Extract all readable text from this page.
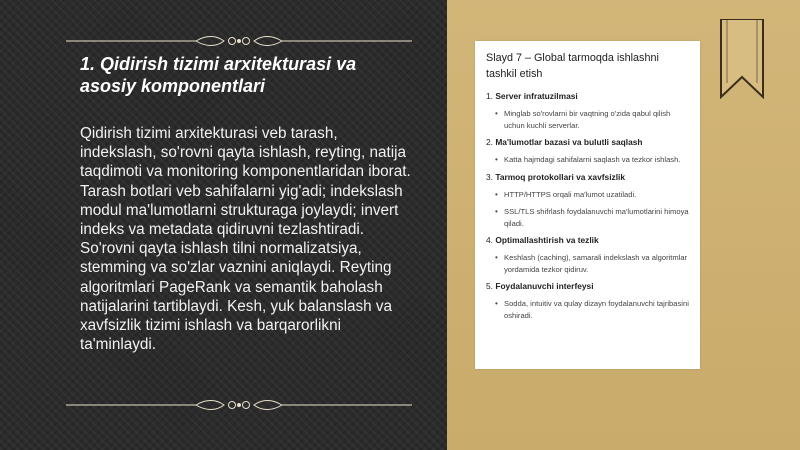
1. Qidirish tizimi arxitekturasi va asosiy komponentlari
Qidirish tizimi arxitekturasi veb tarash, indekslash, so'rovni qayta ishlash, reyting, natija taqdimoti va monitoring komponentlaridan iborat. Tarash botlari veb sahifalarni yig'adi; indekslash modul ma'lumotlarni strukturaga joylaydi; invert indeks va metadata qidiruvni tezlashtiradi. So'rovni qayta ishlash tilni normalizatsiya, stemming va so'zlar vaznini aniqlaydi. Reyting algoritmlari PageRank va semantik baholash natijalarini tartiblaydi. Kesh, yuk balanslash va xavfsizlik tizimi ishlash va barqarorlikni ta'minlaydi.
Slayd 7 – Global tarmoqda ishlashni tashkil etish
1. Server infratuzilmasi
• Minglab so'rovlarni bir vaqtning o'zida qabul qilish uchun kuchli serverlar.
2. Ma'lumotlar bazasi va bulutli saqlash
• Katta hajmdagi sahifalarni saqlash va tezkor ishlash.
3. Tarmoq protokollari va xavfsizlik
• HTTP/HTTPS orqali ma'lumot uzatiladi.
• SSL/TLS shifrlash foydalanuvchi ma'lumotlarini himoya qiladi.
4. Optimallashtirish va tezlik
• Keshlash (caching), samarali indekslash va algoritmlar yordamida tezkor qidiruv.
5. Foydalanuvchi interfeysi
• Sodda, intuitiv va qulay dizayn foydalanuvchi tajribasini oshiradi.
